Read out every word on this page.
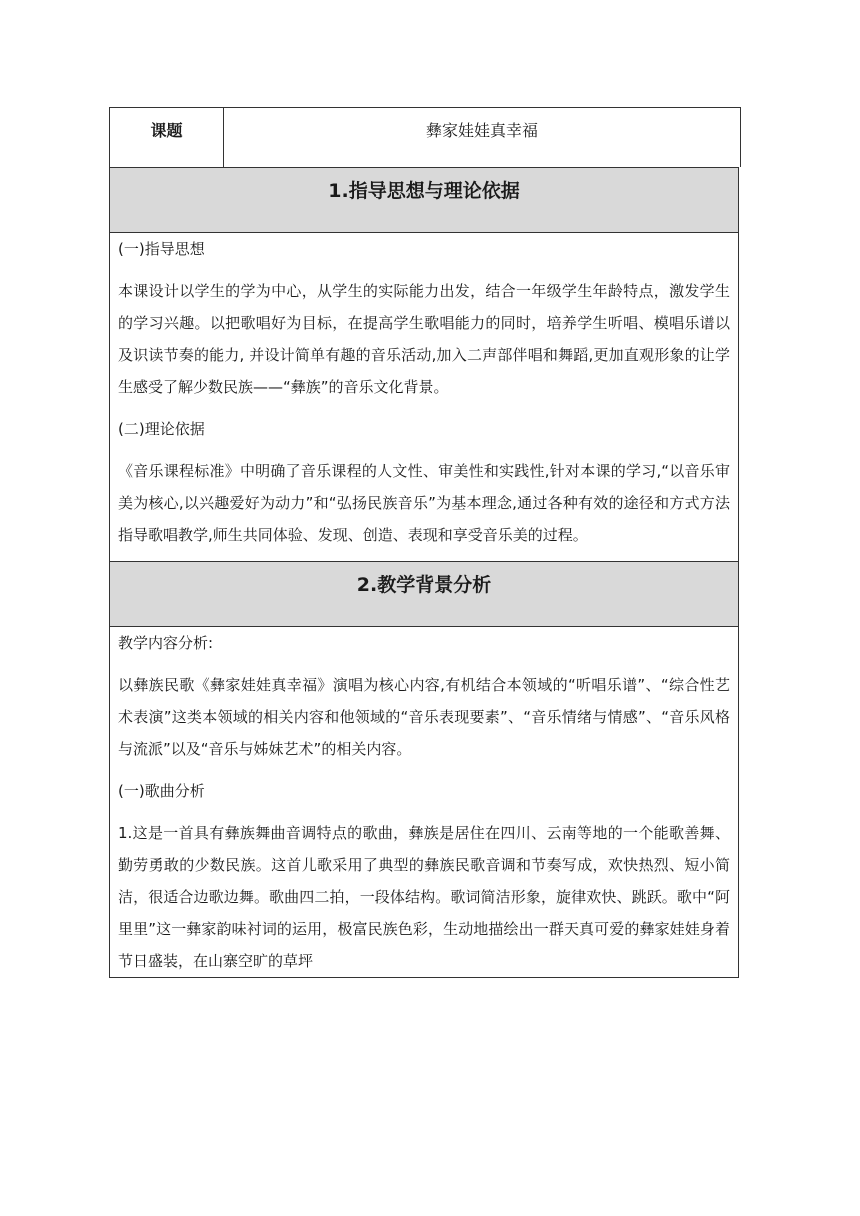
课题	彝家娃娃真幸福
1.指导思想与理论依据

(一)指导思想

本课设计以学生的学为中心，从学生的实际能力出发，结合一年级学生年龄特点，激发学生的学习兴趣。以把歌唱好为目标，在提高学生歌唱能力的同时，培养学生听唱、模唱乐谱以及识读节奏的能力, 并设计简单有趣的音乐活动,加入二声部伴唱和舞蹈,更加直观形象的让学生感受了解少数民族——“彝族”的音乐文化背景。

(二)理论依据

《音乐课程标准》中明确了音乐课程的人文性、审美性和实践性,针对本课的学习,“以音乐审美为核心,以兴趣爱好为动力”和“弘扬民族音乐”为基本理念,通过各种有效的途径和方式方法指导歌唱教学,师生共同体验、发现、创造、表现和享受音乐美的过程。

2.教学背景分析

教学内容分析:

以彝族民歌《彝家娃娃真幸福》演唱为核心内容,有机结合本领域的“听唱乐谱”、“综合性艺术表演”这类本领域的相关内容和他领域的“音乐表现要素”、“音乐情绪与情感”、“音乐风格与流派”以及“音乐与姊妹艺术”的相关内容。

(一)歌曲分析

1.这是一首具有彝族舞曲音调特点的歌曲，彝族是居住在四川、云南等地的一个能歌善舞、勤劳勇敢的少数民族。这首儿歌采用了典型的彝族民歌音调和节奏写成，欢快热烈、短小简洁，很适合边歌边舞。歌曲四二拍，一段体结构。歌词简洁形象，旋律欢快、跳跃。歌中“阿里里”这一彝家韵味衬词的运用，极富民族色彩，生动地描绘出一群天真可爱的彝家娃娃身着节日盛装，在山寨空旷的草坪
